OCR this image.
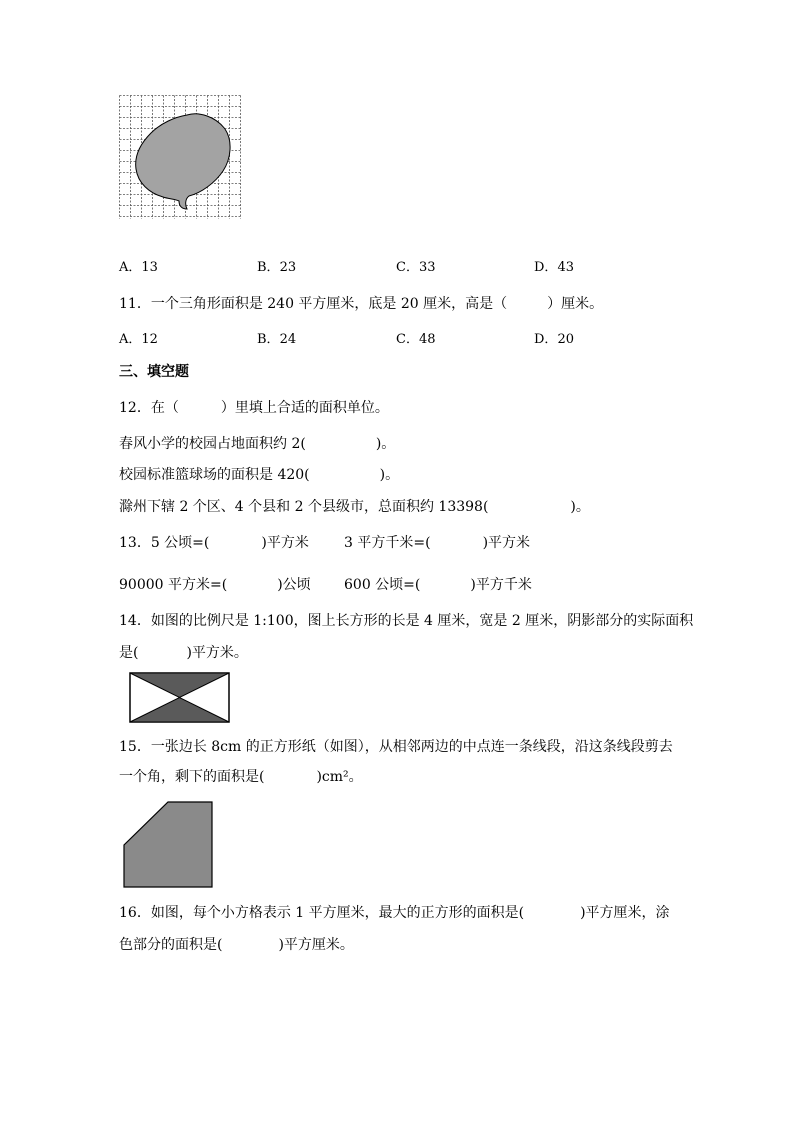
A．13	B．23	C．33	D．43
11．一个三角形面积是 240 平方厘米，底是 20 厘米，高是（	）厘米。
A．12	B．24	C．48	D．20
三、填空题
12．在（	）里填上合适的面积单位。
春风小学的校园占地面积约 2(	)。
校园标准篮球场的面积是 420(	)。
滁州下辖 2 个区、4 个县和 2 个县级市，总面积约 13398(	)。
13．5 公顷=(	)平方米	3 平方千米=(	)平方米
90000 平方米=(	)公顷 600 公顷=(	)平方千米
14．如图的比例尺是 1:100，图上长方形的长是 4 厘米，宽是 2 厘米，阴影部分的实际面积
是(	)平方米。
15．一张边长 8cm 的正方形纸（如图），从相邻两边的中点连一条线段，沿这条线段剪去
一个角，剩下的面积是(	)cm²。
16．如图，每个小方格表示 1 平方厘米，最大的正方形的面积是(	)平方厘米，涂
色部分的面积是(	)平方厘米。
